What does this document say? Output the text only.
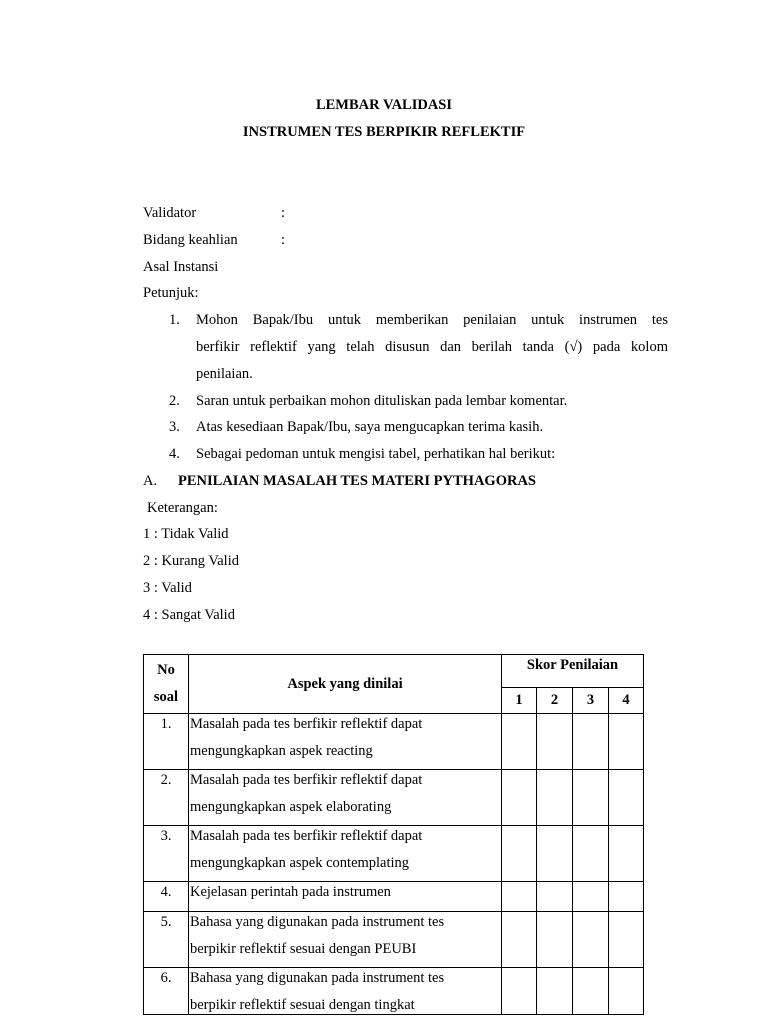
LEMBAR VALIDASI
INSTRUMEN TES BERPIKIR REFLEKTIF
Validator	:
Bidang keahlian	:
Asal Instansi
Petunjuk:
1. Mohon Bapak/Ibu untuk memberikan penilaian untuk instrumen tes
berfikir reflektif yang telah disusun dan berilah tanda (√) pada kolom
penilaian.
2. Saran untuk perbaikan mohon dituliskan pada lembar komentar.
3. Atas kesediaan Bapak/Ibu, saya mengucapkan terima kasih.
4. Sebagai pedoman untuk mengisi tabel, perhatikan hal berikut:
A. PENILAIAN MASALAH TES MATERI PYTHAGORAS
Keterangan:
1 : Tidak Valid
2 : Kurang Valid
3 : Valid
4 : Sangat Valid
No
soal	Aspek yang dinilai	Skor Penilaian			
		1	2	3	4

1.	Masalah pada tes berfikir reflektif dapat
mengungkapkan aspek reacting				

2.	Masalah pada tes berfikir reflektif dapat
mengungkapkan aspek elaborating				

3.	Masalah pada tes berfikir reflektif dapat
mengungkapkan aspek contemplating				

4.	Kejelasan perintah pada instrumen				

5.	Bahasa yang digunakan pada instrument tes
berpikir reflektif sesuai dengan PEUBI				

6.	Bahasa yang digunakan pada instrument tes
berpikir reflektif sesuai dengan tingkat				
